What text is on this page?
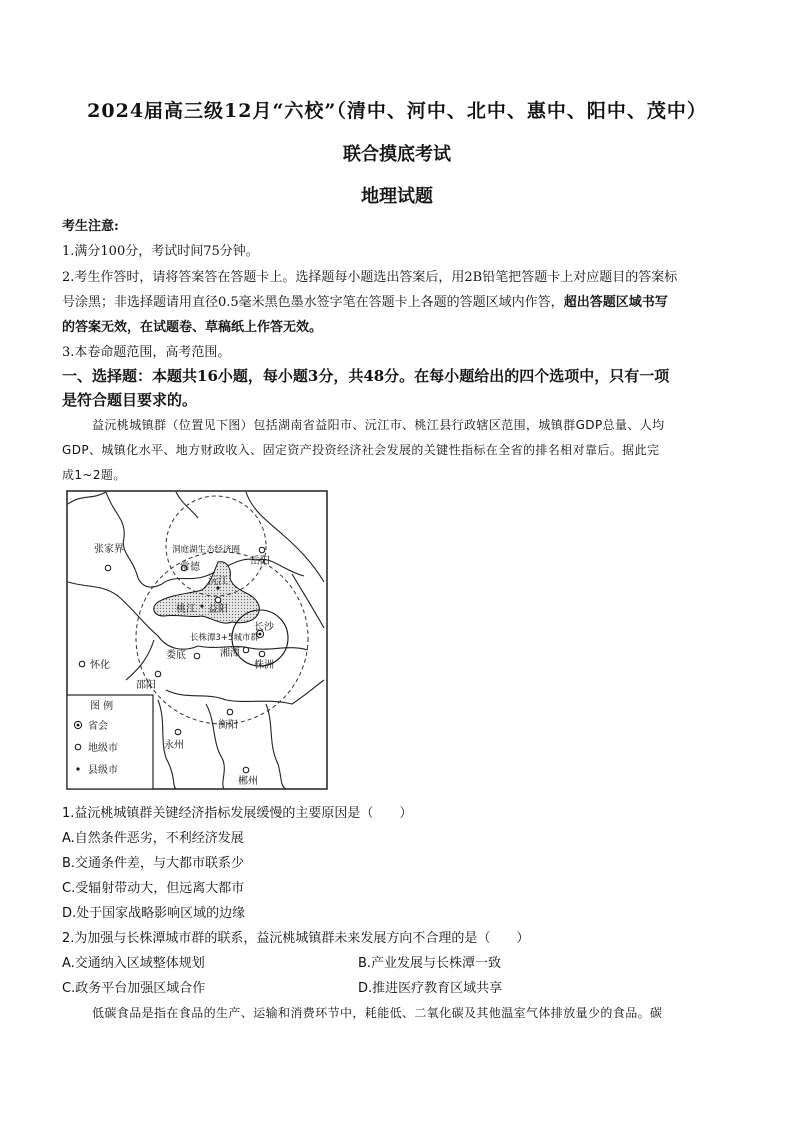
2024届高三级12月“六校”（清中、河中、北中、惠中、阳中、茂中）
联合摸底考试
地理试题
考生注意:
1.满分100分，考试时间75分钟。
2.考生作答时，请将答案答在答题卡上。选择题每小题选出答案后，用2B铅笔把答题卡上对应题目的答案标
号涂黑；非选择题请用直径0.5毫米黑色墨水签字笔在答题卡上各题的答题区域内作答，超出答题区域书写
的答案无效，在试题卷、草稿纸上作答无效。
3.本卷命题范围，高考范围。
一、选择题：本题共16小题，每小题3分，共48分。在每小题给出的四个选项中，只有一项
是符合题目要求的。
益沅桃城镇群（位置见下图）包括湖南省益阳市、沅江市、桃江县行政辖区范围，城镇群GDP总量、人均
GDP、城镇化水平、地方财政收入、固定资产投资经济社会发展的关键性指标在全省的排名相对靠后。据此完
成1~2题。
张家界	洞庭湖生态经济圈
常德
岳阳
沅江
桃江 益阳
长株潭3+5城市群
长沙
娄底	湘潭
株洲
怀化
邵阳
衡阳
永州
郴州
图 例
省会
地级市
县级市
1.益沅桃城镇群关键经济指标发展缓慢的主要原因是（　　）
A.自然条件恶劣，不利经济发展
B.交通条件差，与大都市联系少
C.受辐射带动大，但远离大都市
D.处于国家战略影响区域的边缘
2.为加强与长株潭城市群的联系，益沅桃城镇群未来发展方向不合理的是（　　）
A.交通纳入区域整体规划	B.产业发展与长株潭一致
C.政务平台加强区域合作	D.推进医疗教育区域共享
低碳食品是指在食品的生产、运输和消费环节中，耗能低、二氧化碳及其他温室气体排放量少的食品。碳
